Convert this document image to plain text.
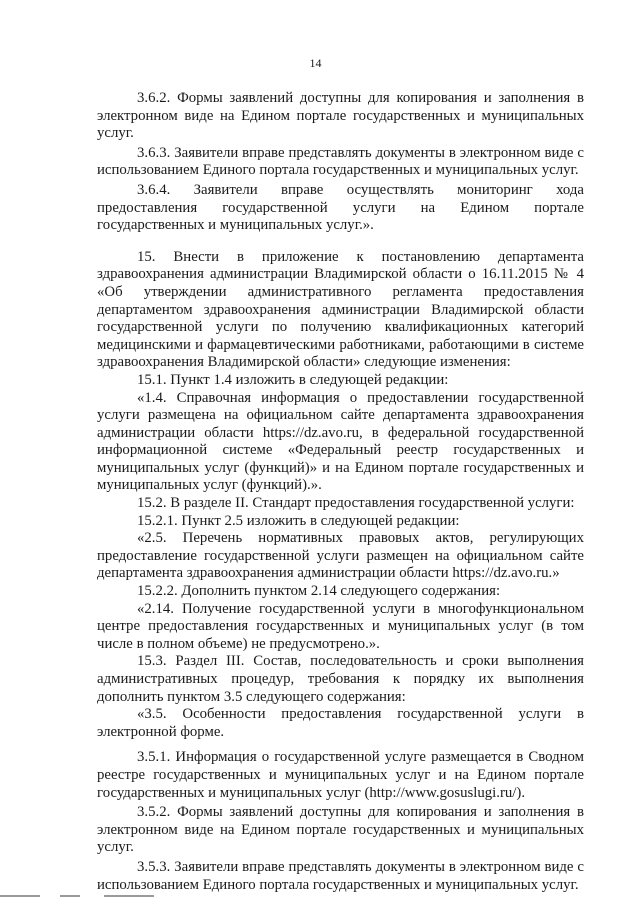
14

3.6.2. Формы заявлений доступны для копирования и заполнения в электронном виде на Едином портале государственных и муниципальных услуг.

3.6.3. Заявители вправе представлять документы в электронном виде с использованием Единого портала государственных и муниципальных услуг.

3.6.4. Заявители вправе осуществлять мониторинг хода предоставления государственной услуги на Едином портале государственных и муниципальных услуг.».

15. Внести в приложение к постановлению департамента здравоохранения администрации Владимирской области о 16.11.2015 № 4 «Об утверждении административного регламента предоставления департаментом здравоохранения администрации Владимирской области государственной услуги по получению квалификационных категорий медицинскими и фармацевтическими работниками, работающими в системе здравоохранения Владимирской области» следующие изменения:

15.1. Пункт 1.4 изложить в следующей редакции:

«1.4. Справочная информация о предоставлении государственной услуги размещена на официальном сайте департамента здравоохранения администрации области https://dz.avo.ru, в федеральной государственной информационной системе «Федеральный реестр государственных и муниципальных услуг (функций)» и на Едином портале государственных и муниципальных услуг (функций).».

15.2. В разделе II. Стандарт предоставления государственной услуги:

15.2.1. Пункт 2.5 изложить в следующей редакции:

«2.5. Перечень нормативных правовых актов, регулирующих предоставление государственной услуги размещен на официальном сайте департамента здравоохранения администрации области https://dz.avo.ru.»

15.2.2. Дополнить пунктом 2.14 следующего содержания:

«2.14. Получение государственной услуги в многофункциональном центре предоставления государственных и муниципальных услуг (в том числе в полном объеме) не предусмотрено.».

15.3. Раздел III. Состав, последовательность и сроки выполнения административных процедур, требования к порядку их выполнения дополнить пунктом 3.5 следующего содержания:

«3.5. Особенности предоставления государственной услуги в электронной форме.

3.5.1. Информация о государственной услуге размещается в Сводном реестре государственных и муниципальных услуг и на Едином портале государственных и муниципальных услуг (http://www.gosuslugi.ru/).

3.5.2. Формы заявлений доступны для копирования и заполнения в электронном виде на Едином портале государственных и муниципальных услуг.

3.5.3. Заявители вправе представлять документы в электронном виде с использованием Единого портала государственных и муниципальных услуг.
